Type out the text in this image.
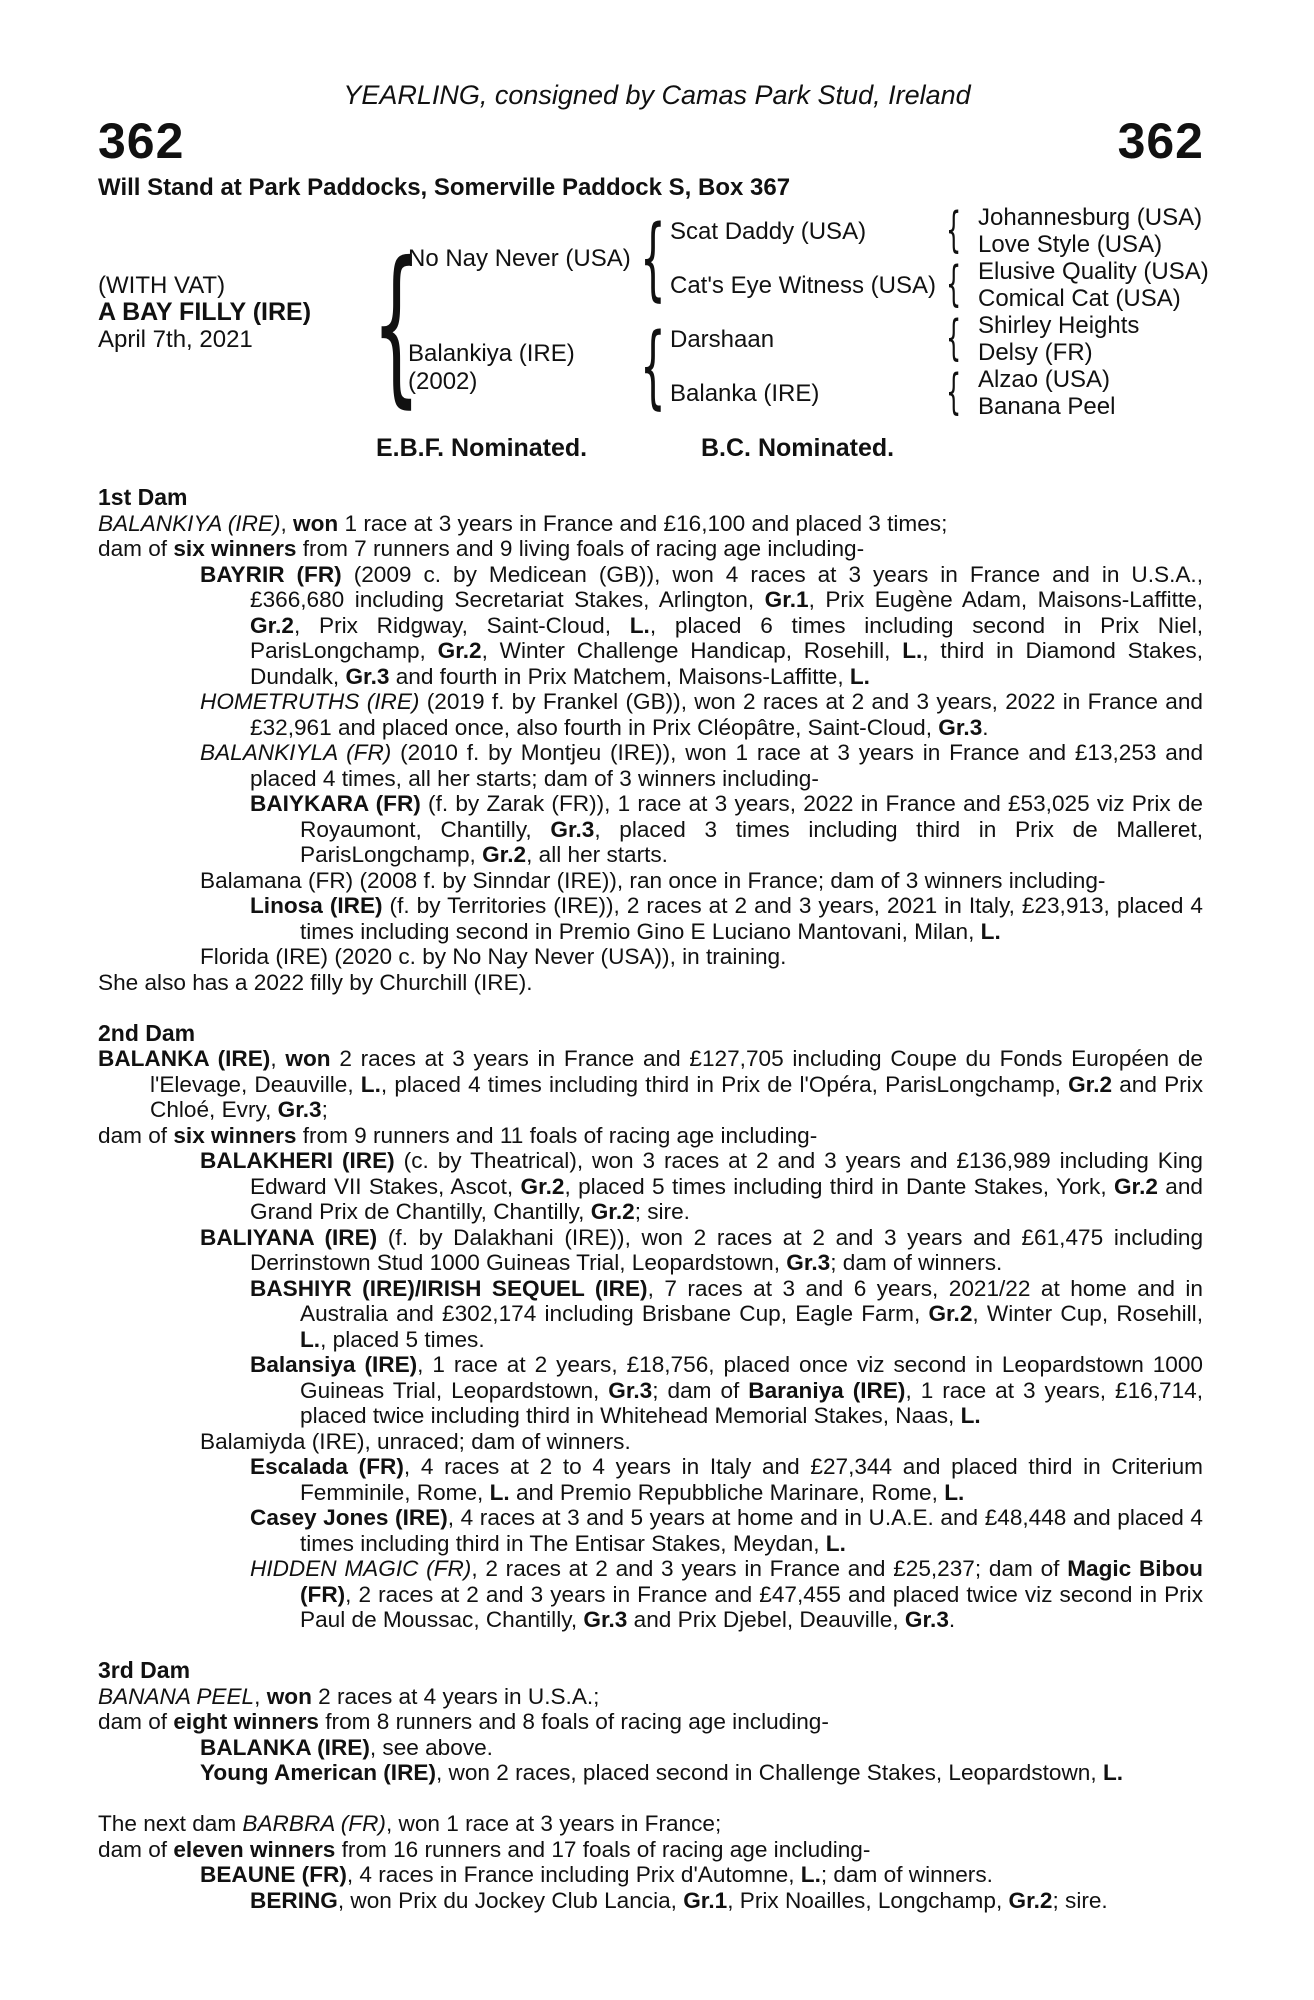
YEARLING, consigned by Camas Park Stud, Ireland
362	362
Will Stand at Park Paddocks, Somerville Paddock S, Box 367
(WITH VAT)
A BAY FILLY (IRE)
April 7th, 2021 {
No Nay Never (USA)
Balankiya (IRE)
(2002)
{
{
Scat Daddy (USA)
Cat's Eye Witness (USA)
Darshaan
Balanka (IRE)
{
{
{
{
Johannesburg (USA)
Love Style (USA)
Elusive Quality (USA)
Comical Cat (USA)
Shirley Heights
Delsy (FR)
Alzao (USA)
Banana Peel
E.B.F. Nominated.	B.C. Nominated.

1st Dam

BALANKIYA (IRE), won 1 race at 3 years in France and £16,100 and placed 3 times;

dam of six winners from 7 runners and 9 living foals of racing age including-

BAYRIR (FR) (2009 c. by Medicean (GB)), won 4 races at 3 years in France and in U.S.A., £366,680 including Secretariat Stakes, Arlington, Gr.1, Prix Eugène Adam, Maisons-Laffitte, Gr.2, Prix Ridgway, Saint-Cloud, L., placed 6 times including second in Prix Niel, ParisLongchamp, Gr.2, Winter Challenge Handicap, Rosehill, L., third in Diamond Stakes, Dundalk, Gr.3 and fourth in Prix Matchem, Maisons-Laffitte, L.

HOMETRUTHS (IRE) (2019 f. by Frankel (GB)), won 2 races at 2 and 3 years, 2022 in France and £32,961 and placed once, also fourth in Prix Cléopâtre, Saint-Cloud, Gr.3.

BALANKIYLA (FR) (2010 f. by Montjeu (IRE)), won 1 race at 3 years in France and £13,253 and placed 4 times, all her starts; dam of 3 winners including-

BAIYKARA (FR) (f. by Zarak (FR)), 1 race at 3 years, 2022 in France and £53,025 viz Prix de Royaumont, Chantilly, Gr.3, placed 3 times including third in Prix de Malleret, ParisLongchamp, Gr.2, all her starts.

Balamana (FR) (2008 f. by Sinndar (IRE)), ran once in France; dam of 3 winners including-

Linosa (IRE) (f. by Territories (IRE)), 2 races at 2 and 3 years, 2021 in Italy, £23,913, placed 4 times including second in Premio Gino E Luciano Mantovani, Milan, L.

Florida (IRE) (2020 c. by No Nay Never (USA)), in training.

She also has a 2022 filly by Churchill (IRE).

2nd Dam

BALANKA (IRE), won 2 races at 3 years in France and £127,705 including Coupe du Fonds Européen de l'Elevage, Deauville, L., placed 4 times including third in Prix de l'Opéra, ParisLongchamp, Gr.2 and Prix Chloé, Evry, Gr.3;

dam of six winners from 9 runners and 11 foals of racing age including-

BALAKHERI (IRE) (c. by Theatrical), won 3 races at 2 and 3 years and £136,989 including King Edward VII Stakes, Ascot, Gr.2, placed 5 times including third in Dante Stakes, York, Gr.2 and Grand Prix de Chantilly, Chantilly, Gr.2; sire.

BALIYANA (IRE) (f. by Dalakhani (IRE)), won 2 races at 2 and 3 years and £61,475 including Derrinstown Stud 1000 Guineas Trial, Leopardstown, Gr.3; dam of winners.

BASHIYR (IRE)/IRISH SEQUEL (IRE), 7 races at 3 and 6 years, 2021/22 at home and in Australia and £302,174 including Brisbane Cup, Eagle Farm, Gr.2, Winter Cup, Rosehill, L., placed 5 times.

Balansiya (IRE), 1 race at 2 years, £18,756, placed once viz second in Leopardstown 1000 Guineas Trial, Leopardstown, Gr.3; dam of Baraniya (IRE), 1 race at 3 years, £16,714, placed twice including third in Whitehead Memorial Stakes, Naas, L.

Balamiyda (IRE), unraced; dam of winners.

Escalada (FR), 4 races at 2 to 4 years in Italy and £27,344 and placed third in Criterium Femminile, Rome, L. and Premio Repubbliche Marinare, Rome, L.

Casey Jones (IRE), 4 races at 3 and 5 years at home and in U.A.E. and £48,448 and placed 4 times including third in The Entisar Stakes, Meydan, L.

HIDDEN MAGIC (FR), 2 races at 2 and 3 years in France and £25,237; dam of Magic Bibou (FR), 2 races at 2 and 3 years in France and £47,455 and placed twice viz second in Prix Paul de Moussac, Chantilly, Gr.3 and Prix Djebel, Deauville, Gr.3.

3rd Dam

BANANA PEEL, won 2 races at 4 years in U.S.A.;

dam of eight winners from 8 runners and 8 foals of racing age including-

BALANKA (IRE), see above.

Young American (IRE), won 2 races, placed second in Challenge Stakes, Leopardstown, L.

The next dam BARBRA (FR), won 1 race at 3 years in France;

dam of eleven winners from 16 runners and 17 foals of racing age including-

BEAUNE (FR), 4 races in France including Prix d'Automne, L.; dam of winners.

BERING, won Prix du Jockey Club Lancia, Gr.1, Prix Noailles, Longchamp, Gr.2; sire.
